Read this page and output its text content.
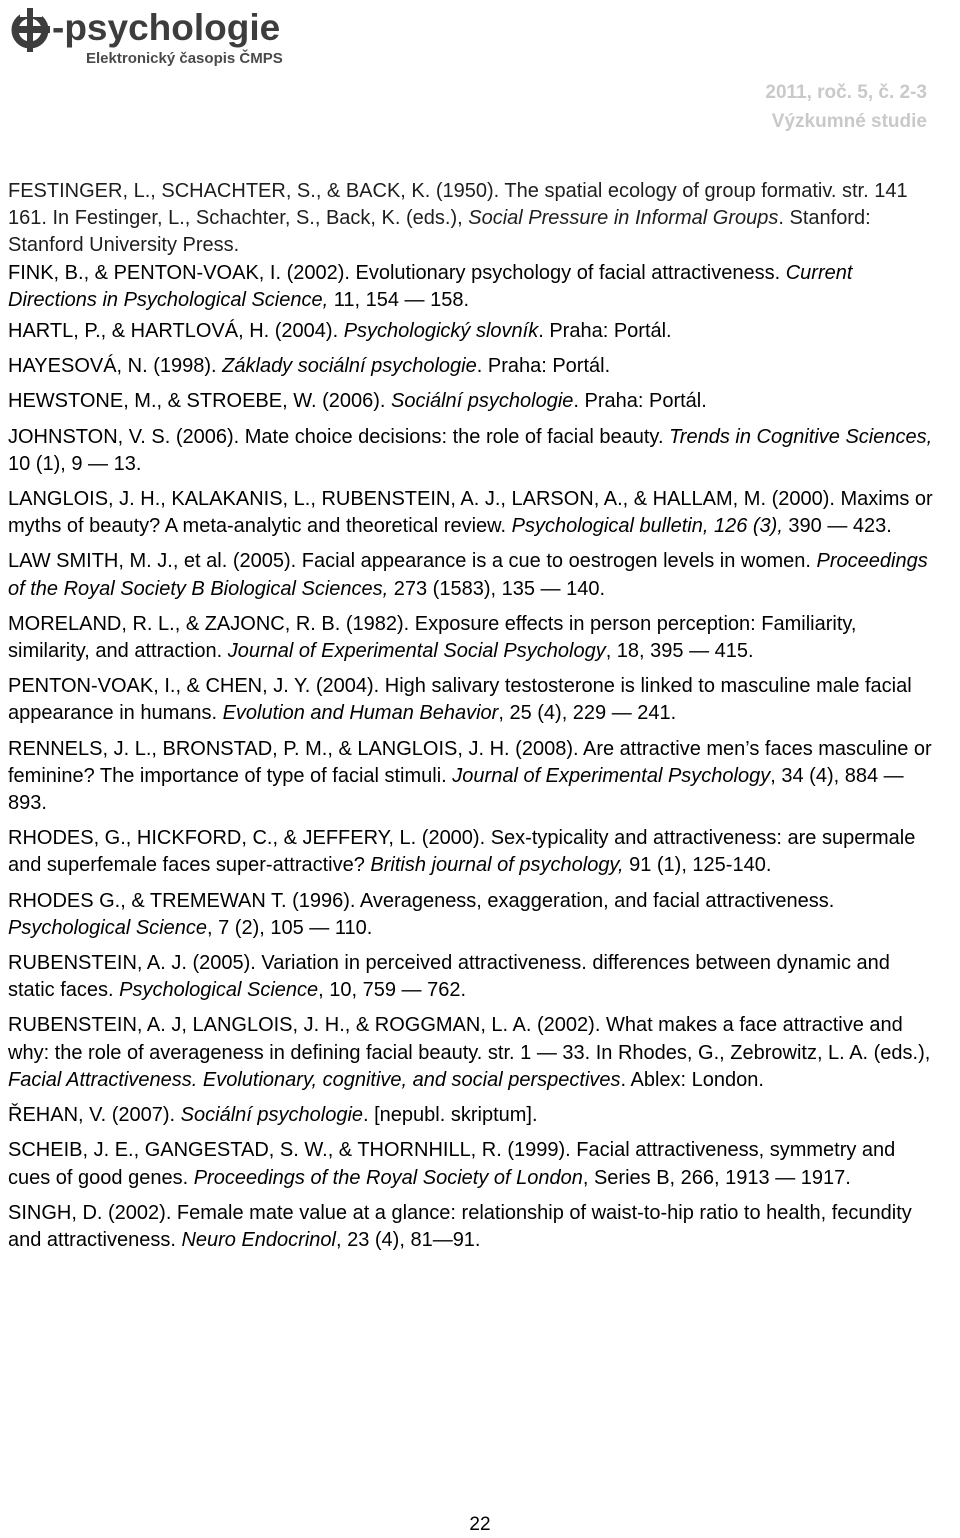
-psychologie
Elektronický časopis ČMPS
2011, roč. 5, č. 2-3
Výzkumné studie

FESTINGER, L., SCHACHTER, S., & BACK, K. (1950). The spatial ecology of group formativ. str. 141 161. In Festinger, L., Schachter, S., Back, K. (eds.), Social Pressure in Informal Groups. Stanford: Stanford University Press.

FINK, B., & PENTON-VOAK, I. (2002). Evolutionary psychology of facial attractiveness. Current Directions in Psychological Science, 11, 154 — 158.

HARTL, P., & HARTLOVÁ, H. (2004). Psychologický slovník. Praha: Portál.

HAYESOVÁ, N. (1998). Základy sociální psychologie. Praha: Portál.

HEWSTONE, M., & STROEBE, W. (2006). Sociální psychologie. Praha: Portál.

JOHNSTON, V. S. (2006). Mate choice decisions: the role of facial beauty. Trends in Cognitive Sciences, 10 (1), 9 — 13.

LANGLOIS, J. H., KALAKANIS, L., RUBENSTEIN, A. J., LARSON, A., & HALLAM, M. (2000). Maxims or myths of beauty? A meta-analytic and theoretical review. Psychological bulletin, 126 (3), 390 — 423.

LAW SMITH, M. J., et al. (2005). Facial appearance is a cue to oestrogen levels in women. Proceedings of the Royal Society B Biological Sciences, 273 (1583), 135 — 140.

MORELAND, R. L., & ZAJONC, R. B. (1982). Exposure effects in person perception: Familiarity, similarity, and attraction. Journal of Experimental Social Psychology, 18, 395 — 415.

PENTON-VOAK, I., & CHEN, J. Y. (2004). High salivary testosterone is linked to masculine male facial appearance in humans. Evolution and Human Behavior, 25 (4), 229 — 241.

RENNELS, J. L., BRONSTAD, P. M., & LANGLOIS, J. H. (2008). Are attractive men’s faces masculine or feminine? The importance of type of facial stimuli. Journal of Experimental Psychology, 34 (4), 884 — 893.

RHODES, G., HICKFORD, C., & JEFFERY, L. (2000). Sex-typicality and attractiveness: are supermale and superfemale faces super-attractive? British journal of psychology, 91 (1), 125-140.

RHODES G., & TREMEWAN T. (1996). Averageness, exaggeration, and facial attractiveness. Psychological Science, 7 (2), 105 — 110.

RUBENSTEIN, A. J. (2005). Variation in perceived attractiveness. differences between dynamic and static faces. Psychological Science, 10, 759 — 762.

RUBENSTEIN, A. J, LANGLOIS, J. H., & ROGGMAN, L. A. (2002). What makes a face attractive and why: the role of averageness in defining facial beauty. str. 1 — 33. In Rhodes, G., Zebrowitz, L. A. (eds.), Facial Attractiveness. Evolutionary, cognitive, and social perspectives. Ablex: London.

ŘEHAN, V. (2007). Sociální psychologie. [nepubl. skriptum].

SCHEIB, J. E., GANGESTAD, S. W., & THORNHILL, R. (1999). Facial attractiveness, symmetry and cues of good genes. Proceedings of the Royal Society of London, Series B, 266, 1913 — 1917.

SINGH, D. (2002). Female mate value at a glance: relationship of waist-to-hip ratio to health, fecundity and attractiveness. Neuro Endocrinol, 23 (4), 81—91.

22
